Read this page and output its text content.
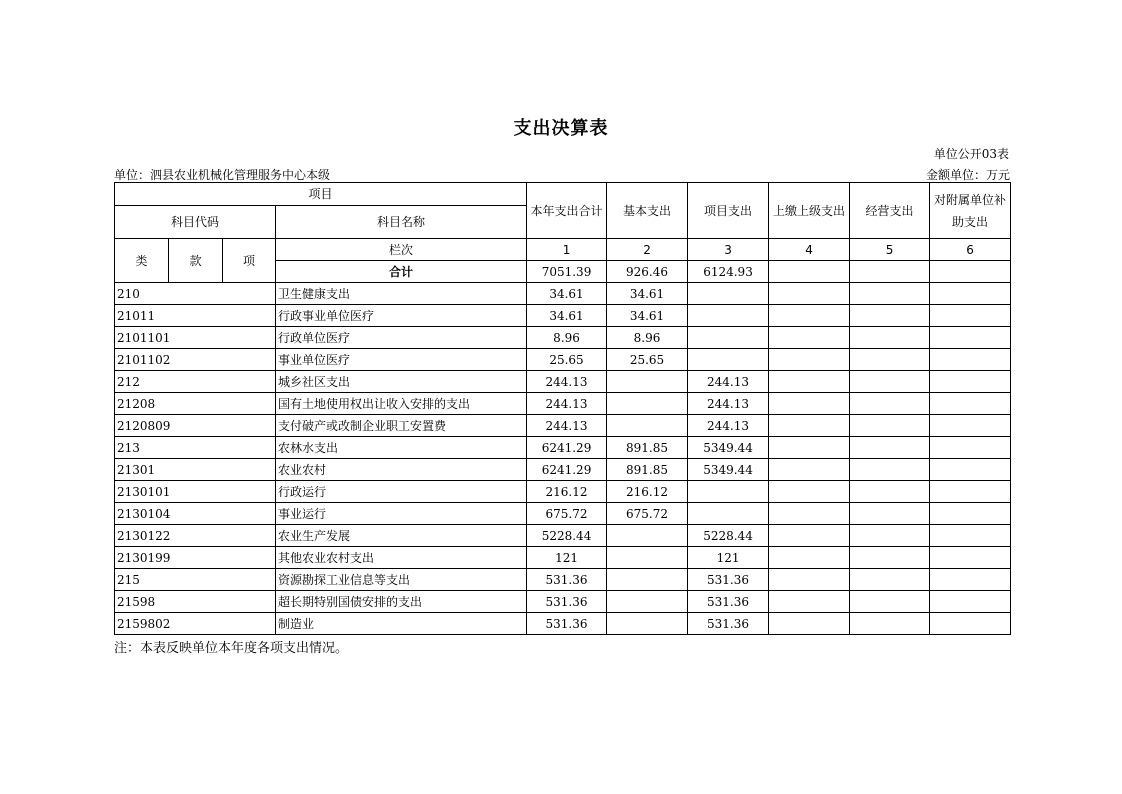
支出决算表
单位公开03表
单位：泗县农业机械化管理服务中心本级	金额单位：万元
项目				本年支出合计	基本支出	项目支出	上缴上级支出	经营支出	对附属单位补助支出
科目代码			科目名称						
类	款	项	栏次	1	2	3	4	5	6
			合计	7051.39	926.46	6124.93			
210			卫生健康支出	34.61	34.61				
21011			行政事业单位医疗	34.61	34.61				
2101101			行政单位医疗	8.96	8.96				
2101102			事业单位医疗	25.65	25.65				
212			城乡社区支出	244.13		244.13			
21208			国有土地使用权出让收入安排的支出	244.13		244.13			
2120809			支付破产或改制企业职工安置费	244.13		244.13			
213			农林水支出	6241.29	891.85	5349.44			
21301			农业农村	6241.29	891.85	5349.44			
2130101			行政运行	216.12	216.12				
2130104			事业运行	675.72	675.72				
2130122			农业生产发展	5228.44		5228.44			
2130199			其他农业农村支出	121		121			
215			资源勘探工业信息等支出	531.36		531.36			
21598			超长期特别国债安排的支出	531.36		531.36			
2159802			制造业	531.36		531.36			
注：本表反映单位本年度各项支出情况。
